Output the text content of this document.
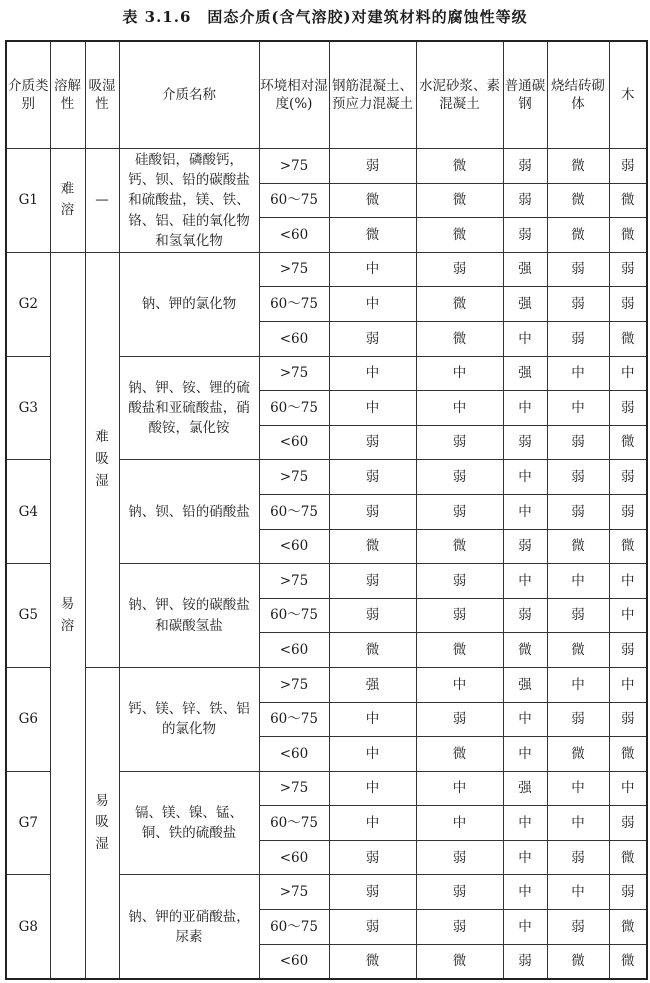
表 3.1.6　固态介质(含气溶胶)对建筑材料的腐蚀性等级
介质类别	溶解性	吸湿性	介质名称	环境相对湿度(%)	钢筋混凝土、预应力混凝土	水泥砂浆、素混凝土	普通碳钢	烧结砖砌体	木
G1	难溶	—	硅酸铝，磷酸钙，钙、钡、铅的碳酸盐和硫酸盐，镁、铁、铬、铝、硅的氧化物和氢氧化物	>75	弱	微	弱	微	弱
				60～75	微	微	弱	微	微
				<60	微	微	弱	微	微
G2	易溶	难吸湿	钠、钾的氯化物	>75	中	弱	强	弱	弱
				60～75	中	微	强	弱	弱
				<60	弱	微	中	弱	微
G3			钠、钾、铵、锂的硫酸盐和亚硫酸盐，硝酸铵，氯化铵	>75	中	中	强	中	中
				60～75	中	中	中	中	弱
				<60	弱	弱	弱	弱	微
G4			钠、钡、铅的硝酸盐	>75	弱	弱	中	弱	弱
				60～75	弱	弱	中	弱	弱
				<60	微	微	弱	微	微
G5			钠、钾、铵的碳酸盐和碳酸氢盐	>75	弱	弱	中	中	中
				60～75	弱	弱	弱	弱	中
				<60	微	微	微	微	弱
G6		易吸湿	钙、镁、锌、铁、铝的氯化物	>75	强	中	强	中	中
				60～75	中	弱	中	弱	弱
				<60	中	微	中	微	微
G7			镉、镁、镍、锰、铜、铁的硫酸盐	>75	中	中	强	中	中
				60～75	中	中	中	中	弱
				<60	弱	弱	中	弱	微
G8			钠、钾的亚硝酸盐，尿素	>75	弱	弱	中	中	弱
				60～75	弱	弱	中	弱	微
				<60	微	微	弱	微	微
